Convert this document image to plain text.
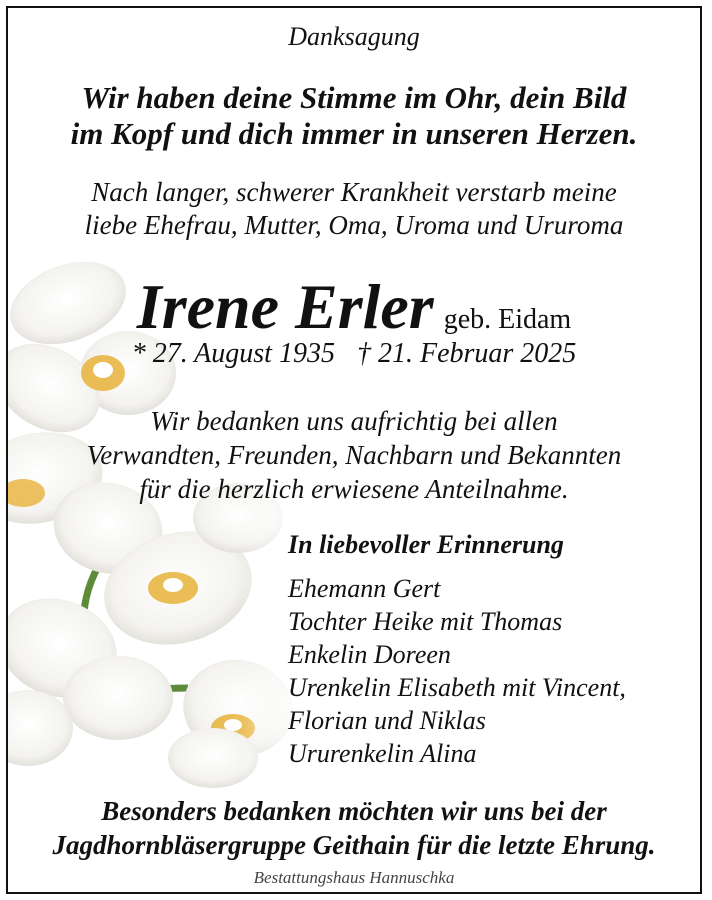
Danksagung
Wir haben deine Stimme im Ohr, dein Bild
im Kopf und dich immer in unseren Herzen.
Nach langer, schwerer Krankheit verstarb meine
liebe Ehefrau, Mutter, Oma, Uroma und Ururoma
Irene Erler geb. Eidam
* 27. August 1935 † 21. Februar 2025
Wir bedanken uns aufrichtig bei allen
Verwandten, Freunden, Nachbarn und Bekannten
für die herzlich erwiesene Anteilnahme.
In liebevoller Erinnerung
Ehemann Gert
Tochter Heike mit Thomas
Enkelin Doreen
Urenkelin Elisabeth mit Vincent,
Florian und Niklas
Ururenkelin Alina
Besonders bedanken möchten wir uns bei der
Jagdhornbläsergruppe Geithain für die letzte Ehrung.
Bestattungshaus Hannuschka
